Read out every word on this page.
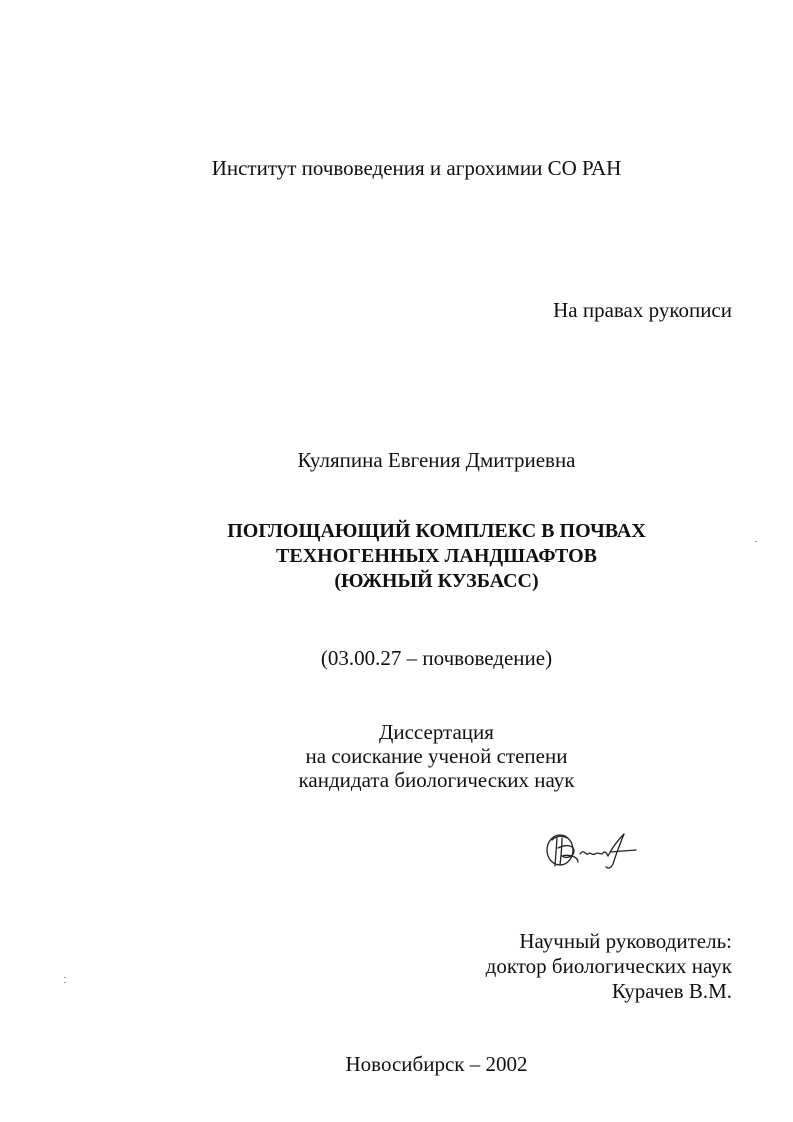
Институт почвоведения и агрохимии СО РАН
На правах рукописи
Куляпина Евгения Дмитриевна
ПОГЛОЩАЮЩИЙ КОМПЛЕКС В ПОЧВАХ
ТЕХНОГЕННЫХ ЛАНДШАФТОВ
(ЮЖНЫЙ КУЗБАСС)
(03.00.27 – почвоведение)
Диссертация
на соискание ученой степени
кандидата биологических наук
Научный руководитель:
доктор биологических наук
Курачев В.М.
Новосибирск – 2002
